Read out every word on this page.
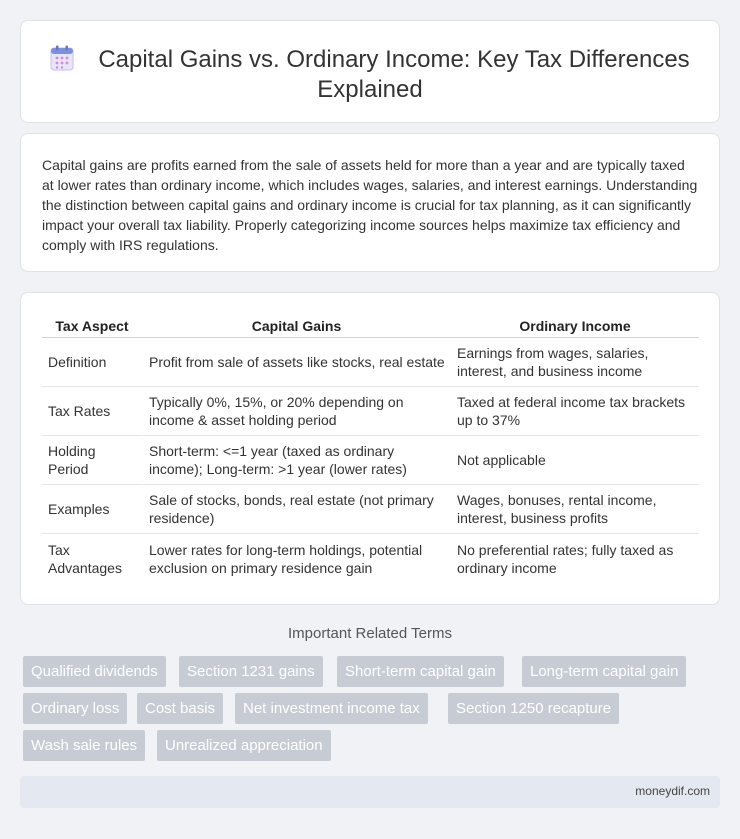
Capital Gains vs. Ordinary Income: Key Tax Differences Explained

Capital gains are profits earned from the sale of assets held for more than a year and are typically taxed at lower rates than ordinary income, which includes wages, salaries, and interest earnings. Understanding the distinction between capital gains and ordinary income is crucial for tax planning, as it can significantly impact your overall tax liability. Properly categorizing income sources helps maximize tax efficiency and comply with IRS regulations.

Tax Aspect	Capital Gains	Ordinary Income
Definition	Profit from sale of assets like stocks, real estate	Earnings from wages, salaries, interest, and business income
Tax Rates	Typically 0%, 15%, or 20% depending on income & asset holding period	Taxed at federal income tax brackets up to 37%
Holding Period	Short-term: <=1 year (taxed as ordinary income); Long-term: >1 year (lower rates)	Not applicable
Examples	Sale of stocks, bonds, real estate (not primary residence)	Wages, bonuses, rental income, interest, business profits
Tax Advantages	Lower rates for long-term holdings, potential exclusion on primary residence gain	No preferential rates; fully taxed as ordinary income
Important Related Terms
Qualified dividends	Section 1231 gains	Short-term capital gain	Long-term capital gain
Ordinary loss	Cost basis	Net investment income tax	Section 1250 recapture
Wash sale rules	Unrealized appreciation
moneydif.com
